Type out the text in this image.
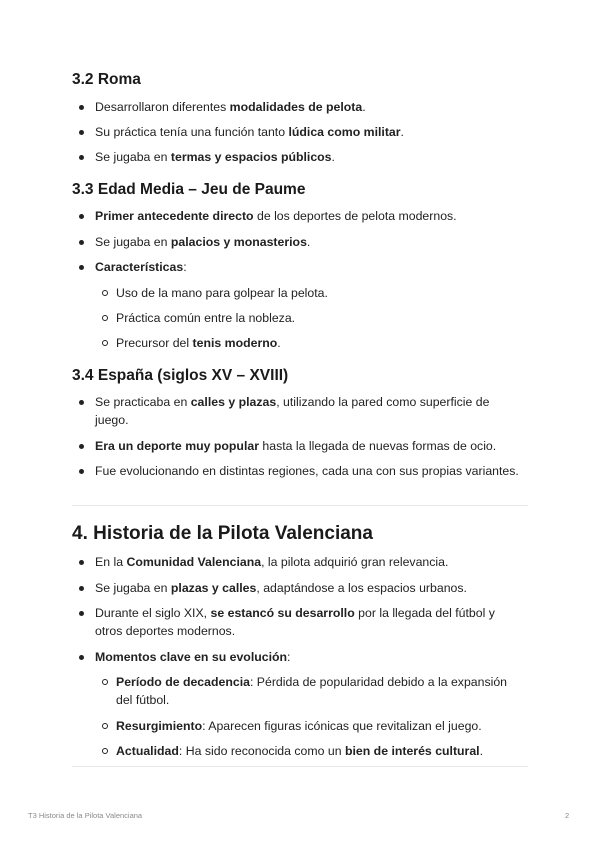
3.2 Roma
Desarrollaron diferentes modalidades de pelota.
Su práctica tenía una función tanto lúdica como militar.
Se jugaba en termas y espacios públicos.
3.3 Edad Media – Jeu de Paume
Primer antecedente directo de los deportes de pelota modernos.
Se jugaba en palacios y monasterios.
Características:
Uso de la mano para golpear la pelota.
Práctica común entre la nobleza.
Precursor del tenis moderno.
3.4 España (siglos XV – XVIII)
Se practicaba en calles y plazas, utilizando la pared como superficie de juego.
Era un deporte muy popular hasta la llegada de nuevas formas de ocio.
Fue evolucionando en distintas regiones, cada una con sus propias variantes.
4. Historia de la Pilota Valenciana
En la Comunidad Valenciana, la pilota adquirió gran relevancia.
Se jugaba en plazas y calles, adaptándose a los espacios urbanos.
Durante el siglo XIX, se estancó su desarrollo por la llegada del fútbol y otros deportes modernos.
Momentos clave en su evolución:
Período de decadencia: Pérdida de popularidad debido a la expansión del fútbol.
Resurgimiento: Aparecen figuras icónicas que revitalizan el juego.
Actualidad: Ha sido reconocida como un bien de interés cultural.
T3 Historia de la Pilota Valenciana	2
